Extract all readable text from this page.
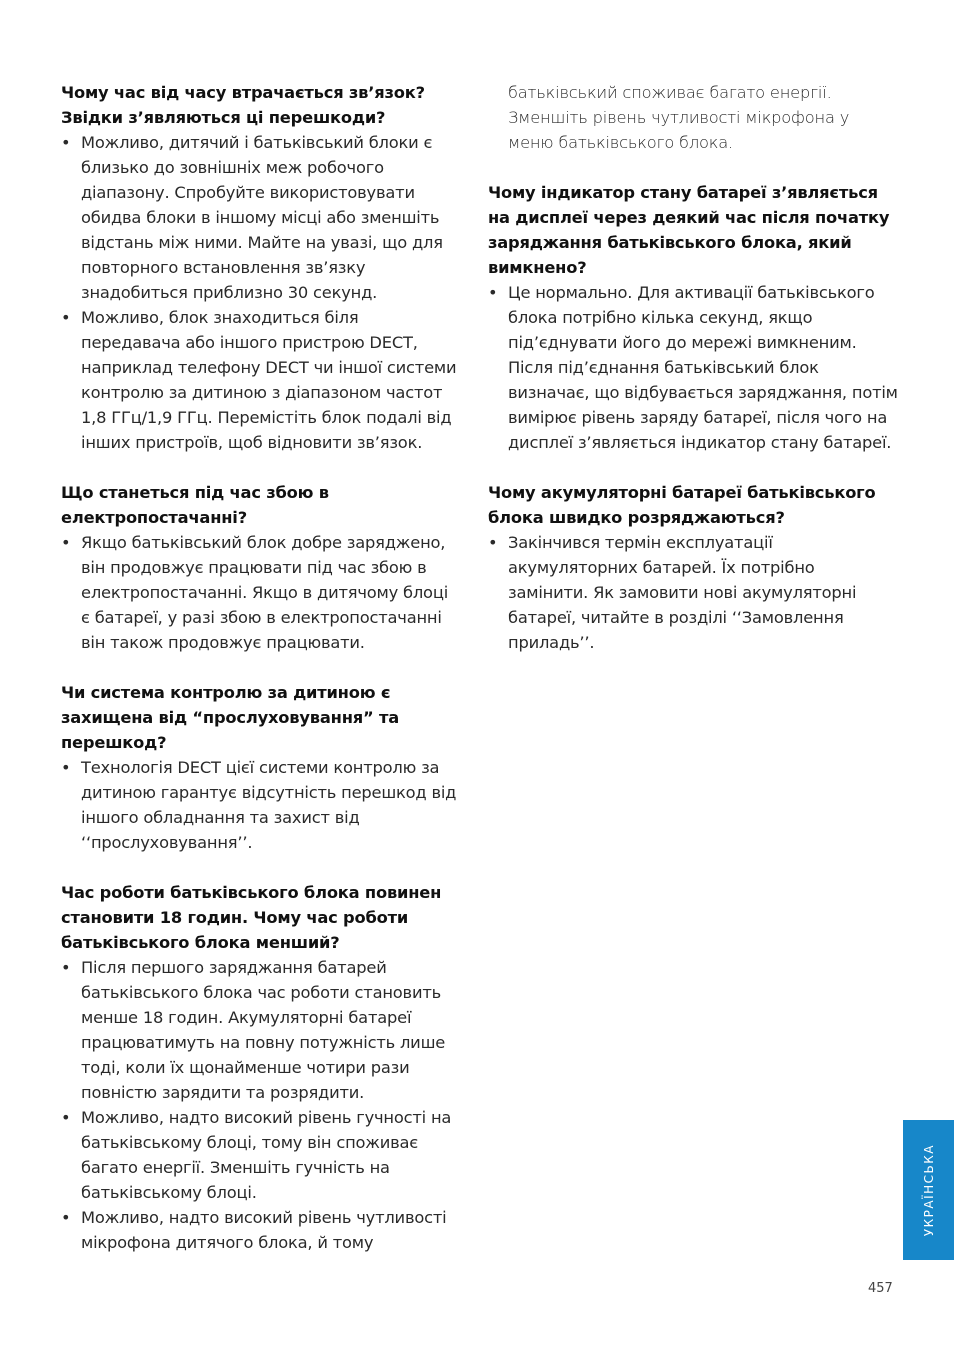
Чому час від часу втрачається зв’язок? Звідки з’являються ці перешкоди?

• Можливо, дитячий і батьківський блоки є близько до зовнішніх меж робочого діапазону. Спробуйте використовувати обидва блоки в іншому місці або зменшіть відстань між ними. Майте на увазі, що для повторного встановлення зв’язку знадобиться приблизно 30 секунд.
• Можливо, блок знаходиться біля передавача або іншого пристрою DECT, наприклад телефону DECT чи іншої системи контролю за дитиною з діапазоном частот 1,8 ГГц/1,9 ГГц. Перемістіть блок подалі від інших пристроїв, щоб відновити зв’язок.

Що станеться під час збою в електропостачанні?

• Якщо батьківський блок добре заряджено, він продовжує працювати під час збою в електропостачанні. Якщо в дитячому блоці є батареї, у разі збою в електропостачанні він також продовжує працювати.

Чи система контролю за дитиною є захищена від “прослуховування” та перешкод?

• Технологія DECT цієї системи контролю за дитиною гарантує відсутність перешкод від іншого обладнання та захист від ‘‘прослуховування’’.

Час роботи батьківського блока повинен становити 18 годин. Чому час роботи батьківського блока менший?

• Після першого заряджання батарей батьківського блока час роботи становить менше 18 годин. Акумуляторні батареї працюватимуть на повну потужність лише тоді, коли їх щонайменше чотири рази повністю зарядити та розрядити.
• Можливо, надто високий рівень гучності на батьківському блоці, тому він споживає багато енергії. Зменшіть гучність на батьківському блоці.
• Можливо, надто високий рівень чутливості мікрофона дитячого блока, й тому

батьківський споживає багато енергії. Зменшіть рівень чутливості мікрофона у меню батьківського блока.

Чому індикатор стану батареї з’являється на дисплеї через деякий час після початку заряджання батьківського блока, який вимкнено?

• Це нормально. Для активації батьківського блока потрібно кілька секунд, якщо під’єднувати його до мережі вимкненим. Після під’єднання батьківський блок визначає, що відбувається заряджання, потім вимірює рівень заряду батареї, після чого на дисплеї з’являється індикатор стану батареї.

Чому акумуляторні батареї батьківського блока швидко розряджаються?

• Закінчився термін експлуатації акумуляторних батарей. Їх потрібно замінити. Як замовити нові акумуляторні батареї, читайте в розділі ‘‘Замовлення приладь’’.
УКРАЇНСЬКА
457
